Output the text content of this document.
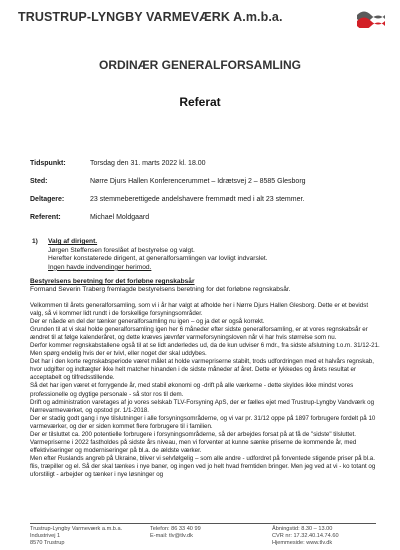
TRUSTRUP-LYNGBY VARMEVÆRK A.m.b.a.
ORDINÆR GENERALFORSAMLING
Referat
Tidspunkt:	Torsdag den 31. marts 2022 kl. 18.00
Sted:	Nørre Djurs Hallen Konferencerummet – Idrætsvej 2 – 8585 Glesborg
Deltagere:	23 stemmeberettigede andelshavere fremmødt med i alt 23 stemmer.
Referent:	Michael Moldgaard
1) Valg af dirigent.
Jørgen Steffensen foreslået af bestyrelse og valgt.
Herefter konstaterede dirigent, at generalforsamlingen var lovligt indvarslet.
Ingen havde indvendinger herimod.
Bestyrelsens beretning for det forløbne regnskabsår
Formand Severin Traberg fremlagde bestyrelsens beretning for det forløbne regnskabsår.
Velkommen til årets generalforsamling, som vi i år har valgt at afholde her i Nørre Djurs Hallen Glesborg. Dette er et bevidst valg, så vi kommer lidt rundt i de forskellige forsyningsområder.
Der er nåede en del der tænker generalforsamling nu igen – og ja det er også korrekt.
Grunden til at vi skal holde generalforsamling igen her 6 måneder efter sidste generalforsamling, er at vores regnskabsår er ændret til at følge kalenderåret, og dette kræves jævnfør varmeforsyningsloven når vi har hvis størrelse som nu.
Derfor kommer regnskabstallene også til at se lidt anderledes ud, da de kun udviser 6 mdr., fra sidste afslutning t.o.m. 31/12-21. Men spørg endelig hvis der er tvivl, eller noget der skal uddybes.
Det har i den korte regnskabsperiode været målet at holde varmepriserne stabilt, trods udfordringen med et halvårs regnskab, hvor udgifter og indtægter ikke helt matcher hinanden i de sidste måneder af året. Dette er lykkedes og årets resultat er acceptabelt og tilfredsstillende.
Så det har igen været et forrygende år, med stabil økonomi og -drift på alle værkerne - dette skyldes ikke mindst vores professionelle og dygtige personale - så stor ros til dem.
Drift og administration varetages af jo vores selskab TLV-Forsyning ApS, der er fælles ejet med Trustrup-Lyngby Vandværk og Nørrevarmeværket, og opstod pr. 1/1-2018.
Der er stadig godt gang i nye tilslutninger i alle forsyningsområderne, og vi var pr. 31/12 oppe på 1897 forbrugere fordelt på 10 varmeværker, og der er siden kommet flere forbrugere til i familien.
Der er tilsluttet ca. 200 potentielle forbrugere i forsyningsområderne, så der arbejdes forsat på at få de "sidste" tilsluttet.
Varmepriserne i 2022 fastholdes på sidste års niveau, men vi forventer at kunne sænke priserne de kommende år, med effektiviseringer og moderniseringer på bl.a. de ældste værker.
Men efter Ruslands angreb på Ukraine, bliver vi selvfølgelig – som alle andre - udfordret på forventede stigende priser på bl.a. flis, træpiller og el. Så der skal tænkes i nye baner, og ingen ved jo helt hvad fremtiden bringer. Men jeg ved at vi - ko totant og uforstiligt - arbejder og tænker i nye løsninger og
Trustrup-Lyngby Varmeværk a.m.b.a.
Industrivej 1
8570 Trustrup
Telefon: 86 33 40 99
E-mail: tlv@tlv.dk
Åbningstid: 8.30 – 13.00
CVR nr: 17.32.40.14.74.60
Hjemmeside: www.tlv.dk
